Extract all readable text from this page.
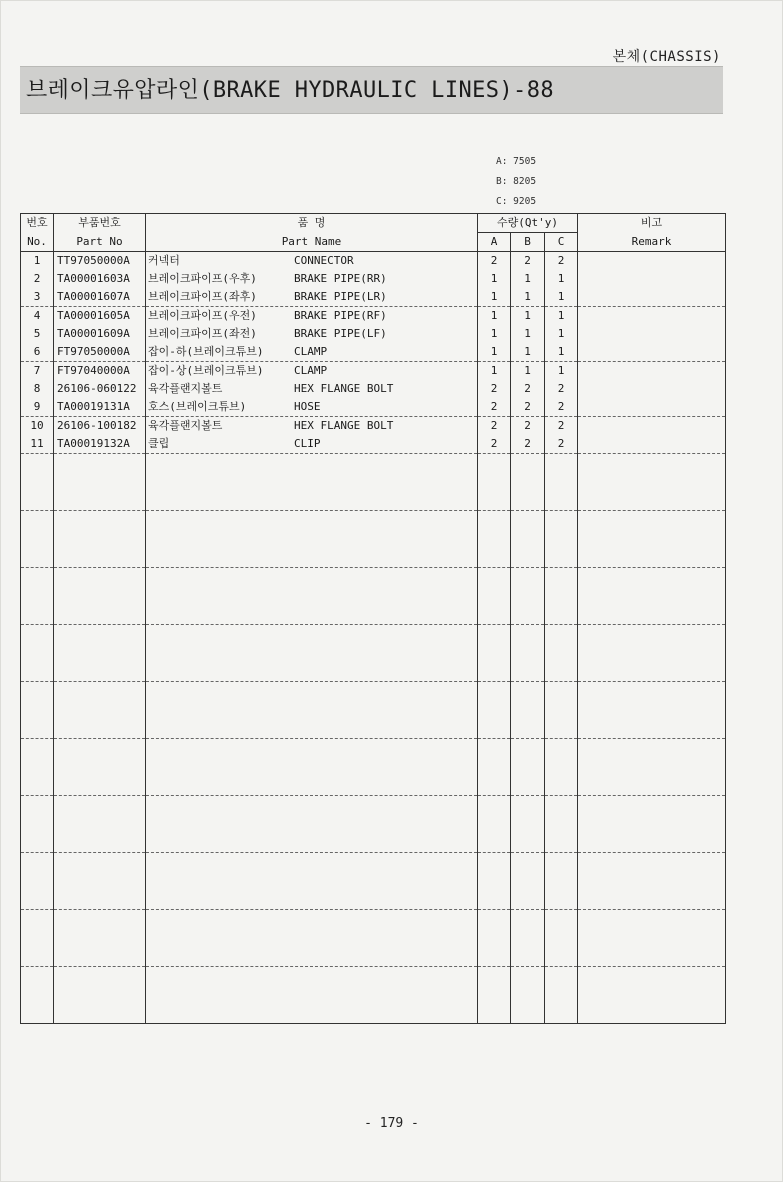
본체(CHASSIS)
브레이크유압라인(BRAKE HYDRAULIC LINES)-88
A: 7505
B: 8205
C: 9205
번호	부품번호	품 명	수량(Qt'y)			비고
No.	Part No	Part Name	A	B	C	Remark
1	TT97050000A	커넥터 CONNECTOR	2	2	2	
2	TA00001603A	브레이크파이프(우후) BRAKE PIPE(RR)	1	1	1	
3	TA00001607A	브레이크파이프(좌후) BRAKE PIPE(LR)	1	1	1	
4	TA00001605A	브레이크파이프(우전) BRAKE PIPE(RF)	1	1	1	
5	TA00001609A	브레이크파이프(좌전) BRAKE PIPE(LF)	1	1	1	
6	FT97050000A	잡이-하(브레이크튜브) CLAMP	1	1	1	
7	FT97040000A	잡이-상(브레이크튜브) CLAMP	1	1	1	
8	26106-060122	육각플랜지볼트 HEX FLANGE BOLT	2	2	2	
9	TA00019131A	호스(브레이크튜브) HOSE	2	2	2	
10	26106-100182	육각플랜지볼트 HEX FLANGE BOLT	2	2	2	
11	TA00019132A	클립 CLIP	2	2	2	

- 179 -
